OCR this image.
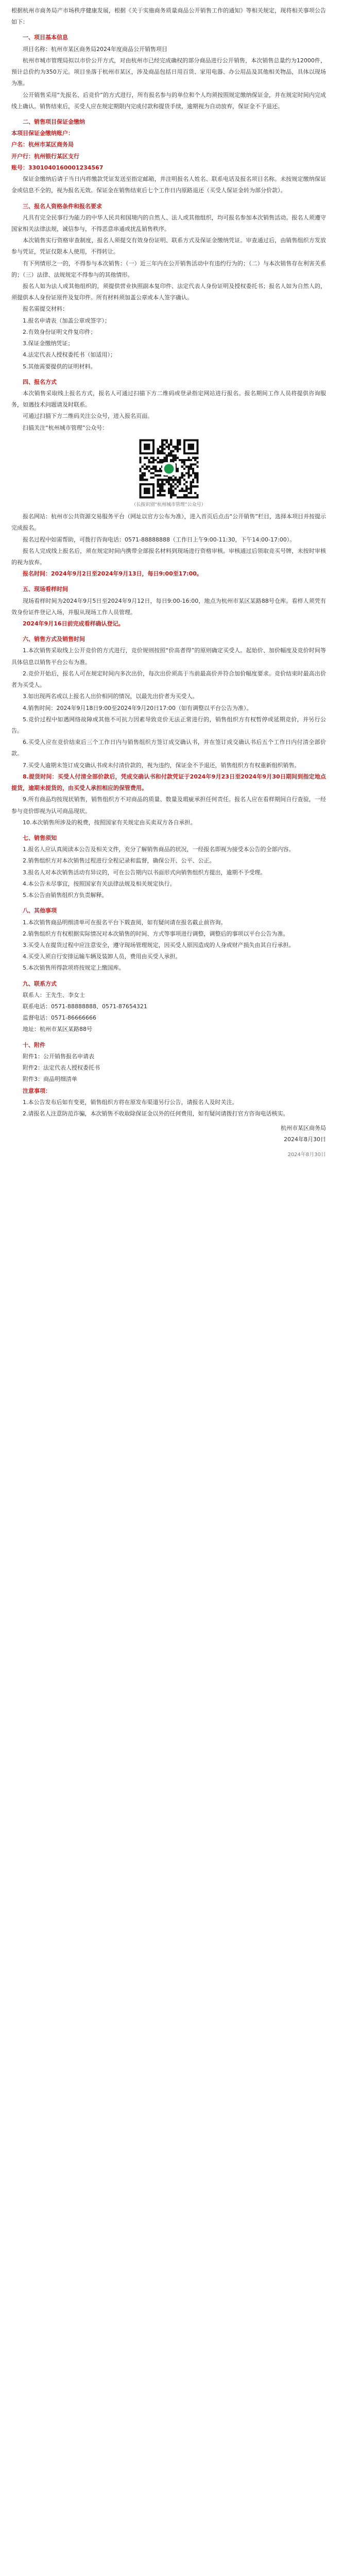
根据杭州市商务局产市场秩序健康发展，根据《关于实施商务质量商品公开销售工作的通知》等相关规定，现将相关事项公告如下：

一、项目基本信息

项目名称：杭州市某区商务局2024年度商品公开销售项目

杭州市城市管理局拟以市价公开方式，对由杭州市已经完成确权的部分商品进行公开销售，本次销售总量约为12000件，预计总价约为350万元。项目坐落于杭州市某区，涉及商品包括日用百货、家用电器、办公用品及其他相关物品，具体以现场为准。

公开销售采用“先报名、后竞价”的方式进行，所有报名参与的单位和个人均须按照规定缴纳保证金，并在规定时间内完成线上确认。销售结束后，买受人应在规定期限内完成付款和提货手续，逾期视为自动放弃，保证金不予退还。

二、销售项目保证金缴纳

本项目保证金缴纳账户：

户名：杭州市某区商务局

开户行：杭州银行某区支行

账号：3301040160001234567

保证金缴纳后请于当日内将缴款凭证发送至指定邮箱，并注明报名人姓名、联系电话及报名项目名称。未按规定缴纳保证金或信息不全的，视为报名无效。保证金在销售结束后七个工作日内原路退还（买受人保证金转为部分价款）。

三、报名人资格条件和报名要求

凡具有完全民事行为能力的中华人民共和国境内的自然人、法人或其他组织，均可报名参加本次销售活动。报名人须遵守国家相关法律法规，诚信参与，不得恶意串通或扰乱销售秩序。

本次销售实行资格审查制度，报名人须提交有效身份证明、联系方式及保证金缴纳凭证。审查通过后，由销售组织方发放参与凭证，凭证仅限本人使用，不得转让。

有下列情形之一的，不得参与本次销售：（一）近三年内在公开销售活动中有违约行为的；（二）与本次销售存在利害关系的；（三）法律、法规规定不得参与的其他情形。

报名人如为法人或其他组织的，须提供营业执照副本复印件、法定代表人身份证明及授权委托书；报名人如为自然人的，须提供本人身份证原件及复印件。所有材料须加盖公章或本人签字确认。

报名需提交材料：

1.报名申请表（加盖公章或签字）；

2.有效身份证明文件复印件；

3.保证金缴纳凭证；

4.法定代表人授权委托书（如适用）；

5.其他需要提供的证明材料。

四、报名方式

本次销售采取线上报名方式，报名人可通过扫描下方二维码或登录指定网站进行报名。报名期间工作人员将提供咨询服务，如遇技术问题请及时联系。

可通过扫描下方二维码关注公众号，进入报名页面。

扫描关注“杭州城市管理”公众号：

（长按识别“杭州城市管理”公众号）

报名网站：杭州市公共资源交易服务平台（网址以官方公布为准），进入首页后点击“公开销售”栏目，选择本项目并按提示完成报名。

报名过程中如需帮助，可拨打咨询电话：0571-88888888（工作日上午9:00-11:30，下午14:00-17:00）。

报名人完成线上报名后，须在规定时间内携带全部报名材料到现场进行资格审核。审核通过后领取竞买号牌，未按时审核的视为放弃。

报名时间：2024年9月2日至2024年9月13日，每日9:00至17:00。

五、现场看样时间

现场看样时间为2024年9月5日至2024年9月12日，每日9:00-16:00，地点为杭州市某区某路88号仓库。看样人须凭有效身份证件登记入场，并服从现场工作人员管理。

2024年9月16日前完成看样确认登记。

六、销售方式及销售时间

1.本次销售采取线上公开竞价的方式进行，竞价规则按照“价高者得”的原则确定买受人。起始价、加价幅度及竞价时间等具体信息以销售平台公布为准。

2.竞价开始后，报名人可在规定时间内多次出价，每次出价须高于当前最高价并符合加价幅度要求。竞价结束时最高出价者为买受人。

3.如出现两名或以上报名人出价相同的情况，以最先出价者为买受人。

4.销售时间：2024年9月18日9:00至2024年9月20日17:00（如有调整以平台公告为准）。

5.竞价过程中如遇网络故障或其他不可抗力因素导致竞价无法正常进行的，销售组织方有权暂停或延期竞价，并另行公告。

6.买受人应在竞价结束后三个工作日内与销售组织方签订成交确认书，并在签订成交确认书后五个工作日内付清全部价款。

7.买受人逾期未签订成交确认书或未付清价款的，视为违约，保证金不予退还，销售组织方有权重新组织销售。

8.提货时间：买受人付清全部价款后，凭成交确认书和付款凭证于2024年9月23日至2024年9月30日期间到指定地点提货，逾期未提货的，由买受人承担相应的保管费用。

9.所有商品均按现状销售，销售组织方不对商品的质量、数量及瑕疵承担任何责任。报名人应在看样期间自行查验，一经参与竞价即视为认可商品现状。

10.本次销售所涉及的税费，按照国家有关规定由买卖双方各自承担。

七、销售须知

1.报名人应认真阅读本公告及相关文件，充分了解销售商品的状况，一经报名即视为接受本公告的全部内容。

2.销售组织方对本次销售过程进行全程记录和监督，确保公开、公平、公正。

3.报名人对本次销售活动有异议的，可在公告期内以书面形式向销售组织方提出，逾期不予受理。

4.本公告未尽事宜，按照国家有关法律法规及相关规定执行。

5.本公告由销售组织方负责解释。

八、其他事项

1.本次销售商品明细清单可在报名平台下载查阅，如有疑问请在报名截止前咨询。

2.销售组织方有权根据实际情况对本次销售的时间、方式等事项进行调整，调整后的事项以平台公告为准。

3.买受人在提货过程中应注意安全，遵守现场管理规定，因买受人原因造成的人身或财产损失由其自行承担。

4.买受人须自行安排运输车辆及装卸人员，费用由买受人承担。

5.本次销售所得款项将按规定上缴国库。

九、联系方式

联系人：王先生、李女士

联系电话：0571-88888888、0571-87654321

监督电话：0571-86666666

地址：杭州市某区某路88号

十、附件

附件1：公开销售报名申请表

附件2：法定代表人授权委托书

附件3：商品明细清单

注意事项：

1.本公告发布后如有变更，销售组织方将在原发布渠道另行公告，请报名人及时关注。

2.请报名人注意防范诈骗，本次销售不收取除保证金以外的任何费用，如有疑问请拨打官方咨询电话核实。

杭州市某区商务局

2024年8月30日

2024年8月30日
